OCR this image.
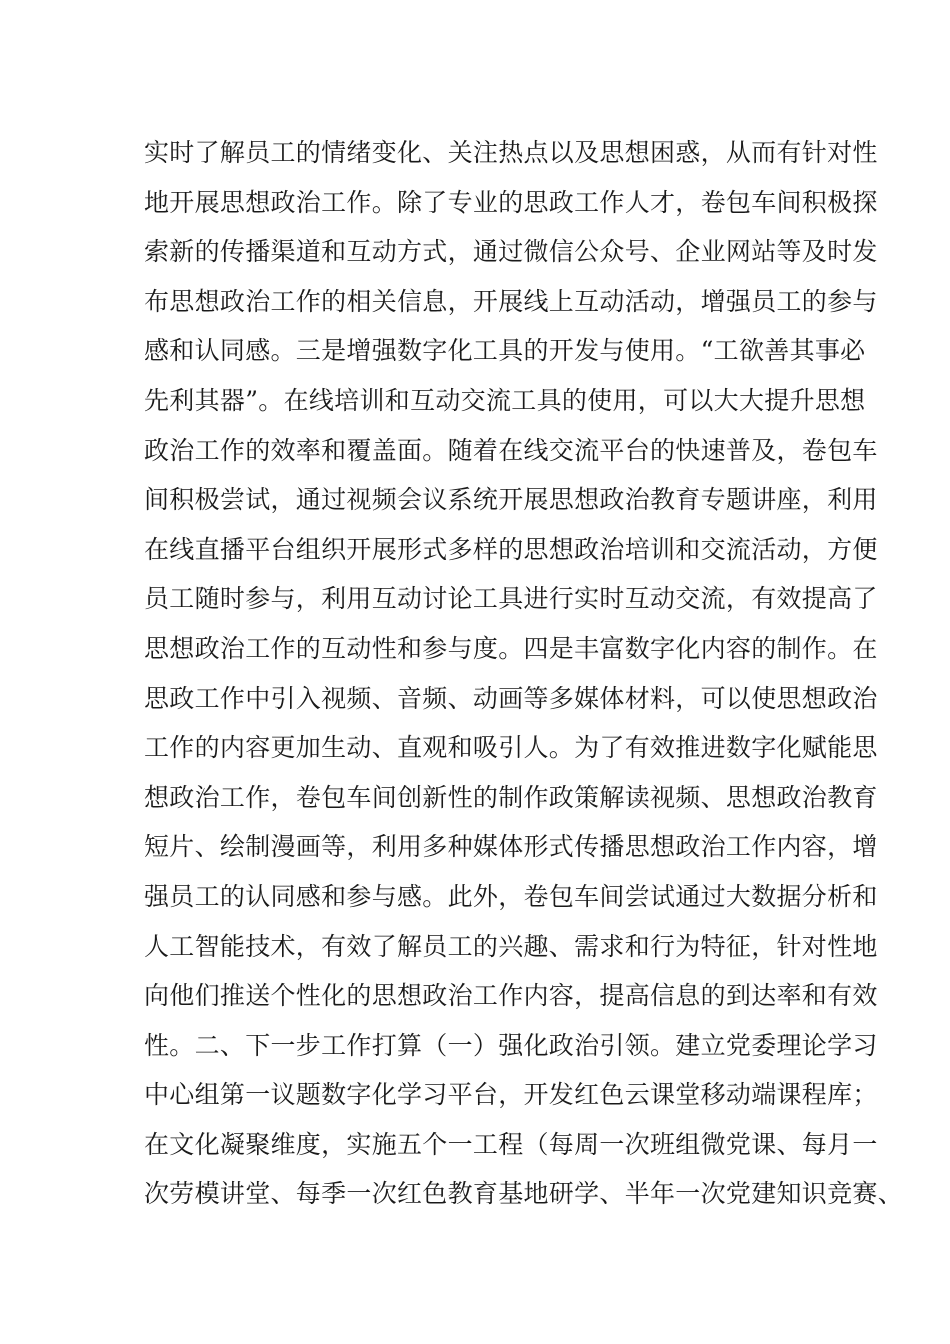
实时了解员工的情绪变化、关注热点以及思想困惑，从而有针对性
地开展思想政治工作。除了专业的思政工作人才，卷包车间积极探
索新的传播渠道和互动方式，通过微信公众号、企业网站等及时发
布思想政治工作的相关信息，开展线上互动活动，增强员工的参与
感和认同感。三是增强数字化工具的开发与使用。“工欲善其事必
先利其器”。在线培训和互动交流工具的使用，可以大大提升思想
政治工作的效率和覆盖面。随着在线交流平台的快速普及，卷包车
间积极尝试，通过视频会议系统开展思想政治教育专题讲座，利用
在线直播平台组织开展形式多样的思想政治培训和交流活动，方便
员工随时参与，利用互动讨论工具进行实时互动交流，有效提高了
思想政治工作的互动性和参与度。四是丰富数字化内容的制作。在
思政工作中引入视频、音频、动画等多媒体材料，可以使思想政治
工作的内容更加生动、直观和吸引人。为了有效推进数字化赋能思
想政治工作，卷包车间创新性的制作政策解读视频、思想政治教育
短片、绘制漫画等，利用多种媒体形式传播思想政治工作内容，增
强员工的认同感和参与感。此外，卷包车间尝试通过大数据分析和
人工智能技术，有效了解员工的兴趣、需求和行为特征，针对性地
向他们推送个性化的思想政治工作内容，提高信息的到达率和有效
性。二、下一步工作打算（一）强化政治引领。建立党委理论学习
中心组第一议题数字化学习平台，开发红色云课堂移动端课程库；
在文化凝聚维度，实施五个一工程（每周一次班组微党课、每月一
次劳模讲堂、每季一次红色教育基地研学、半年一次党建知识竞赛、
